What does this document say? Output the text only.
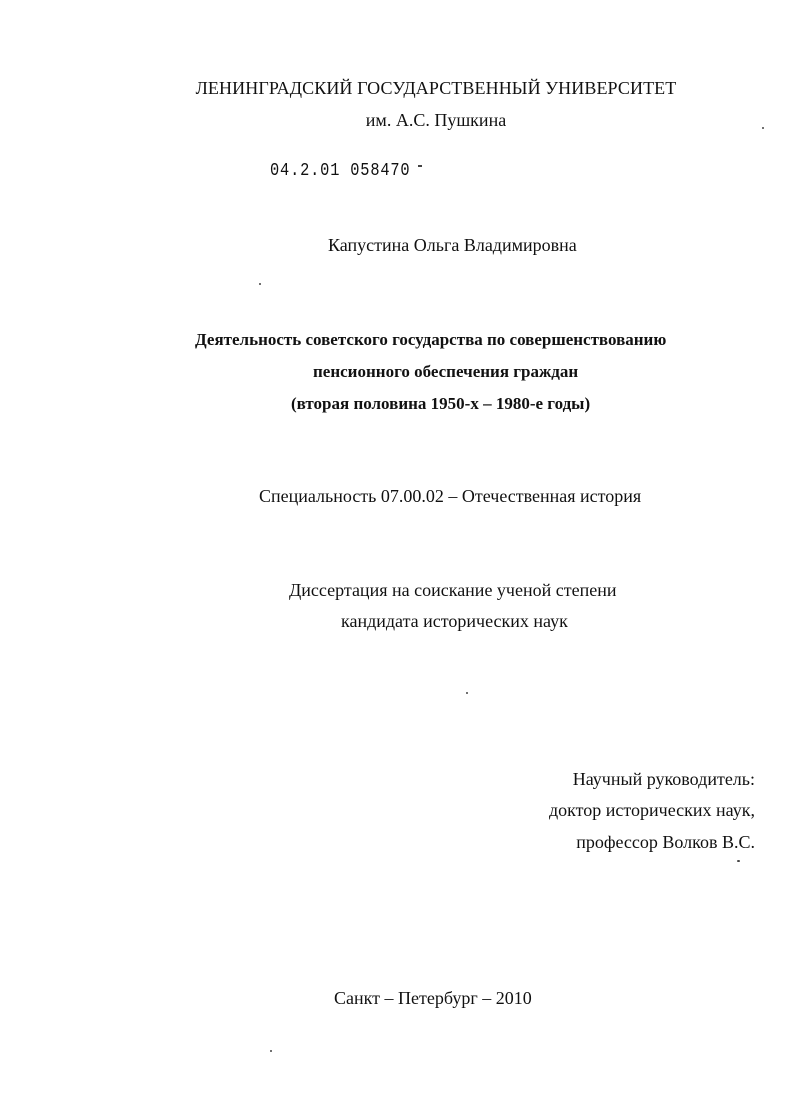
ЛЕНИНГРАДСКИЙ ГОСУДАРСТВЕННЫЙ УНИВЕРСИТЕТ
им. А.С. Пушкина
04.2.01 058470
Капустина Ольга Владимировна
Деятельность советского государства по совершенствованию
пенсионного обеспечения граждан
(вторая половина 1950-х – 1980-е годы)
Специальность 07.00.02 – Отечественная история
Диссертация на соискание ученой степени
кандидата исторических наук
Научный руководитель:
доктор исторических наук,
профессор Волков В.С.
Санкт – Петербург – 2010
